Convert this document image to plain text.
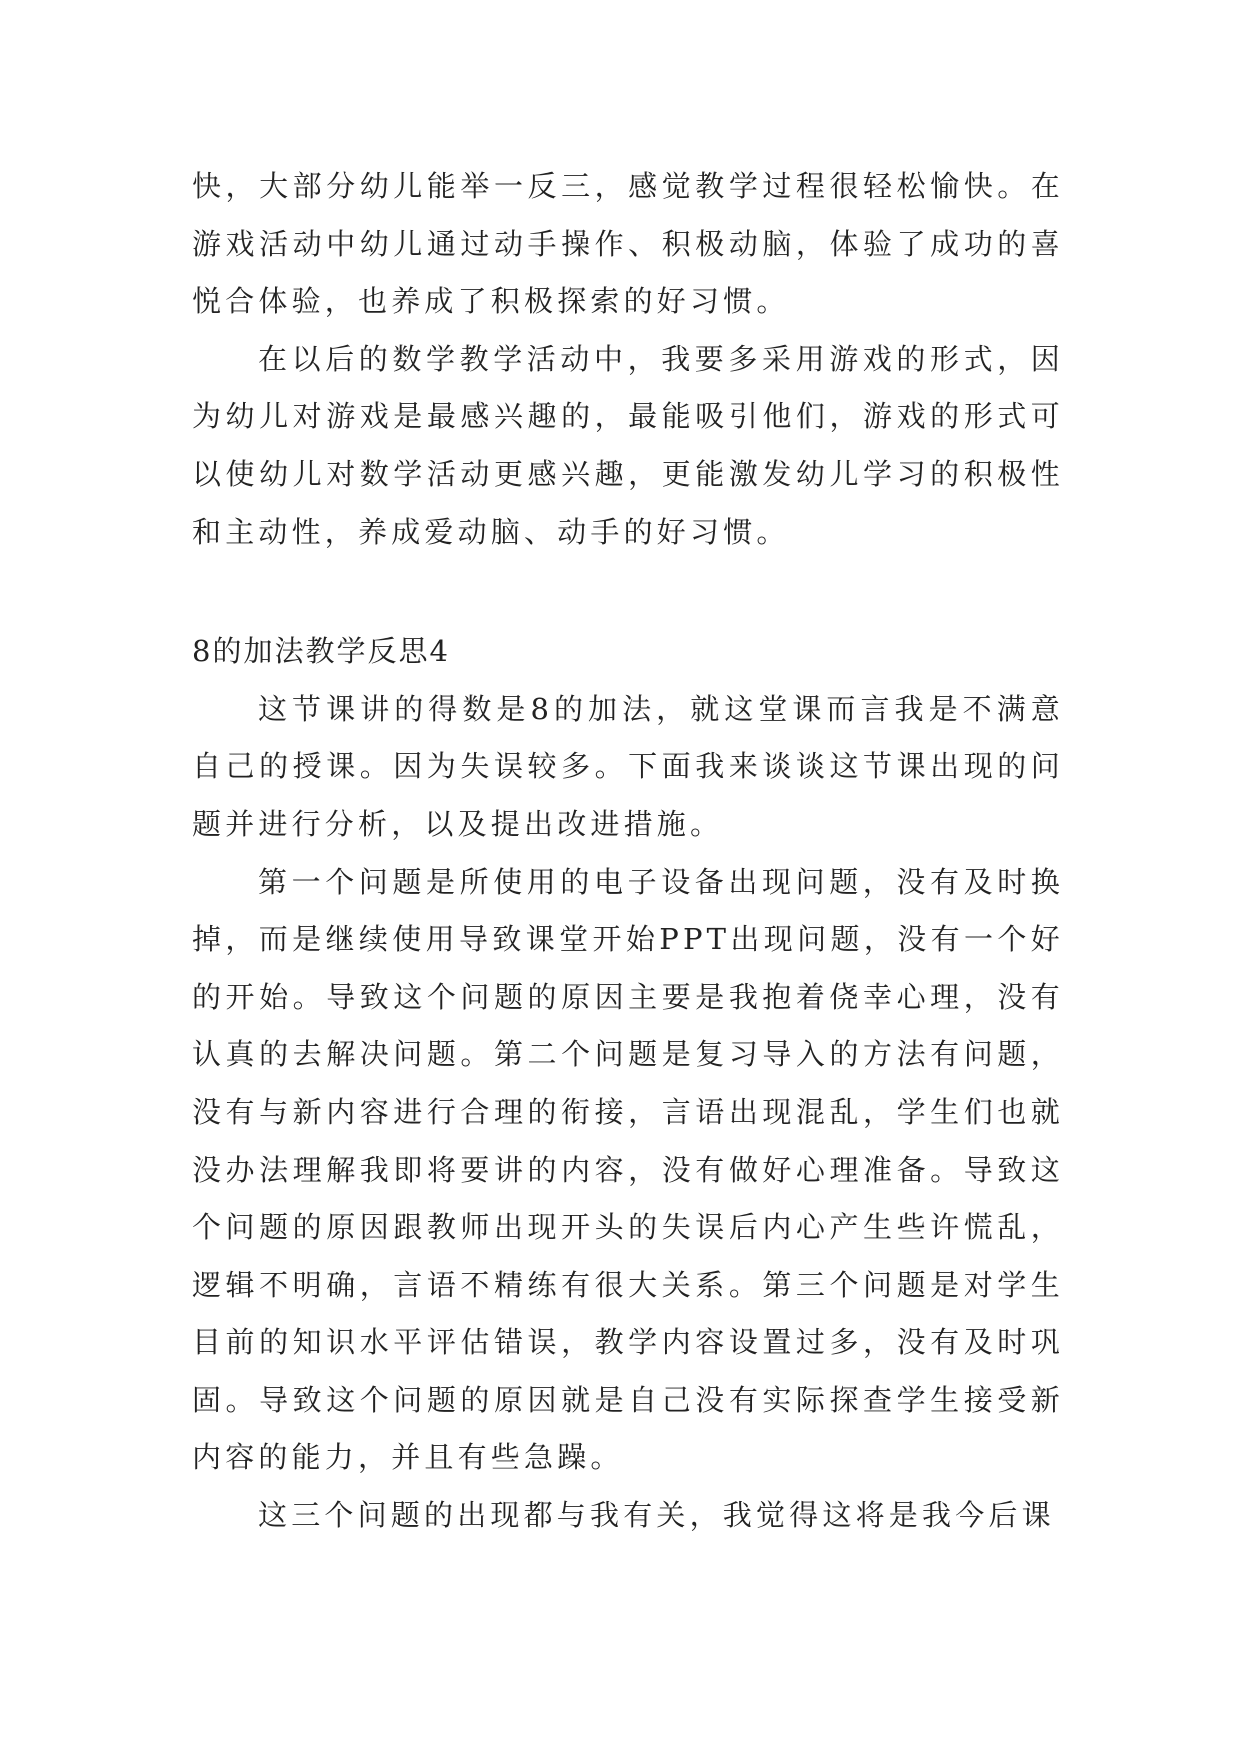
快，大部分幼儿能举一反三，感觉教学过程很轻松愉快。在游戏活动中幼儿通过动手操作、积极动脑，体验了成功的喜悦合体验，也养成了积极探索的好习惯。

在以后的数学教学活动中，我要多采用游戏的形式，因为幼儿对游戏是最感兴趣的，最能吸引他们，游戏的形式可以使幼儿对数学活动更感兴趣，更能激发幼儿学习的积极性和主动性，养成爱动脑、动手的好习惯。

8的加法教学反思4

这节课讲的得数是8的加法，就这堂课而言我是不满意自己的授课。因为失误较多。下面我来谈谈这节课出现的问题并进行分析，以及提出改进措施。

第一个问题是所使用的电子设备出现问题，没有及时换掉，而是继续使用导致课堂开始PPT出现问题，没有一个好的开始。导致这个问题的原因主要是我抱着侥幸心理，没有认真的去解决问题。第二个问题是复习导入的方法有问题，没有与新内容进行合理的衔接，言语出现混乱，学生们也就没办法理解我即将要讲的内容，没有做好心理准备。导致这个问题的原因跟教师出现开头的失误后内心产生些许慌乱，逻辑不明确，言语不精练有很大关系。第三个问题是对学生目前的知识水平评估错误，教学内容设置过多，没有及时巩固。导致这个问题的原因就是自己没有实际探查学生接受新内容的能力，并且有些急躁。

这三个问题的出现都与我有关，我觉得这将是我今后课
